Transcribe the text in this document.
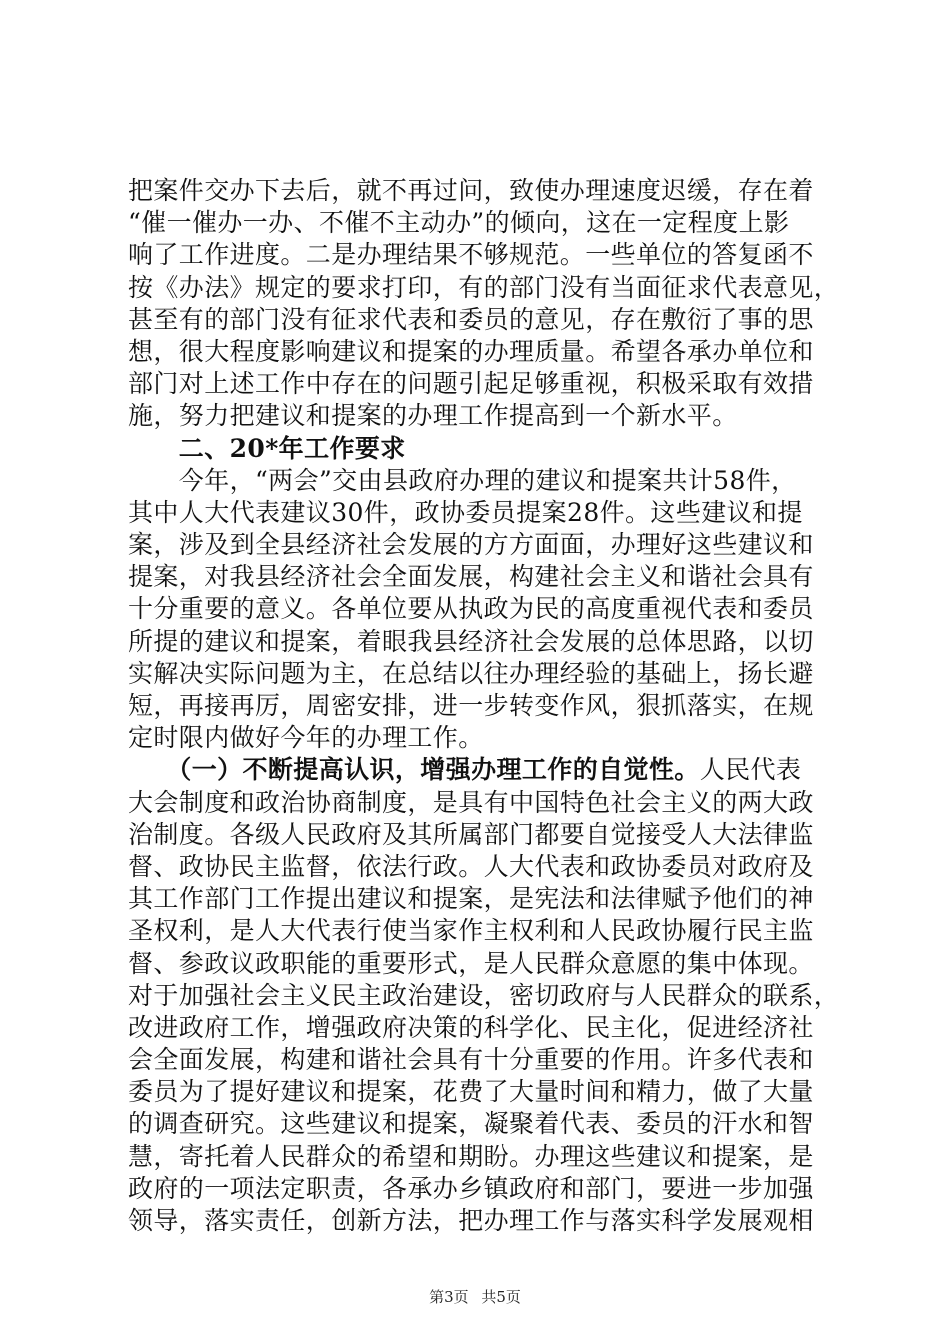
把案件交办下去后，就不再过问，致使办理速度迟缓，存在着
“催一催办一办、不催不主动办”的倾向，这在一定程度上影
响了工作进度。二是办理结果不够规范。一些单位的答复函不
按《办法》规定的要求打印，有的部门没有当面征求代表意见，
甚至有的部门没有征求代表和委员的意见，存在敷衍了事的思
想，很大程度影响建议和提案的办理质量。希望各承办单位和
部门对上述工作中存在的问题引起足够重视，积极采取有效措
施，努力把建议和提案的办理工作提高到一个新水平。
　　二、20*年工作要求
　　今年，“两会”交由县政府办理的建议和提案共计58件，
其中人大代表建议30件，政协委员提案28件。这些建议和提
案，涉及到全县经济社会发展的方方面面，办理好这些建议和
提案，对我县经济社会全面发展，构建社会主义和谐社会具有
十分重要的意义。各单位要从执政为民的高度重视代表和委员
所提的建议和提案，着眼我县经济社会发展的总体思路，以切
实解决实际问题为主，在总结以往办理经验的基础上，扬长避
短，再接再厉，周密安排，进一步转变作风，狠抓落实，在规
定时限内做好今年的办理工作。
　　（一）不断提高认识，增强办理工作的自觉性。人民代表
大会制度和政治协商制度，是具有中国特色社会主义的两大政
治制度。各级人民政府及其所属部门都要自觉接受人大法律监
督、政协民主监督，依法行政。人大代表和政协委员对政府及
其工作部门工作提出建议和提案，是宪法和法律赋予他们的神
圣权利，是人大代表行使当家作主权利和人民政协履行民主监
督、参政议政职能的重要形式，是人民群众意愿的集中体现。
对于加强社会主义民主政治建设，密切政府与人民群众的联系，
改进政府工作，增强政府决策的科学化、民主化，促进经济社
会全面发展，构建和谐社会具有十分重要的作用。许多代表和
委员为了提好建议和提案，花费了大量时间和精力，做了大量
的调查研究。这些建议和提案，凝聚着代表、委员的汗水和智
慧，寄托着人民群众的希望和期盼。办理这些建议和提案，是
政府的一项法定职责，各承办乡镇政府和部门，要进一步加强
领导，落实责任，创新方法，把办理工作与落实科学发展观相
第3页 共5页
